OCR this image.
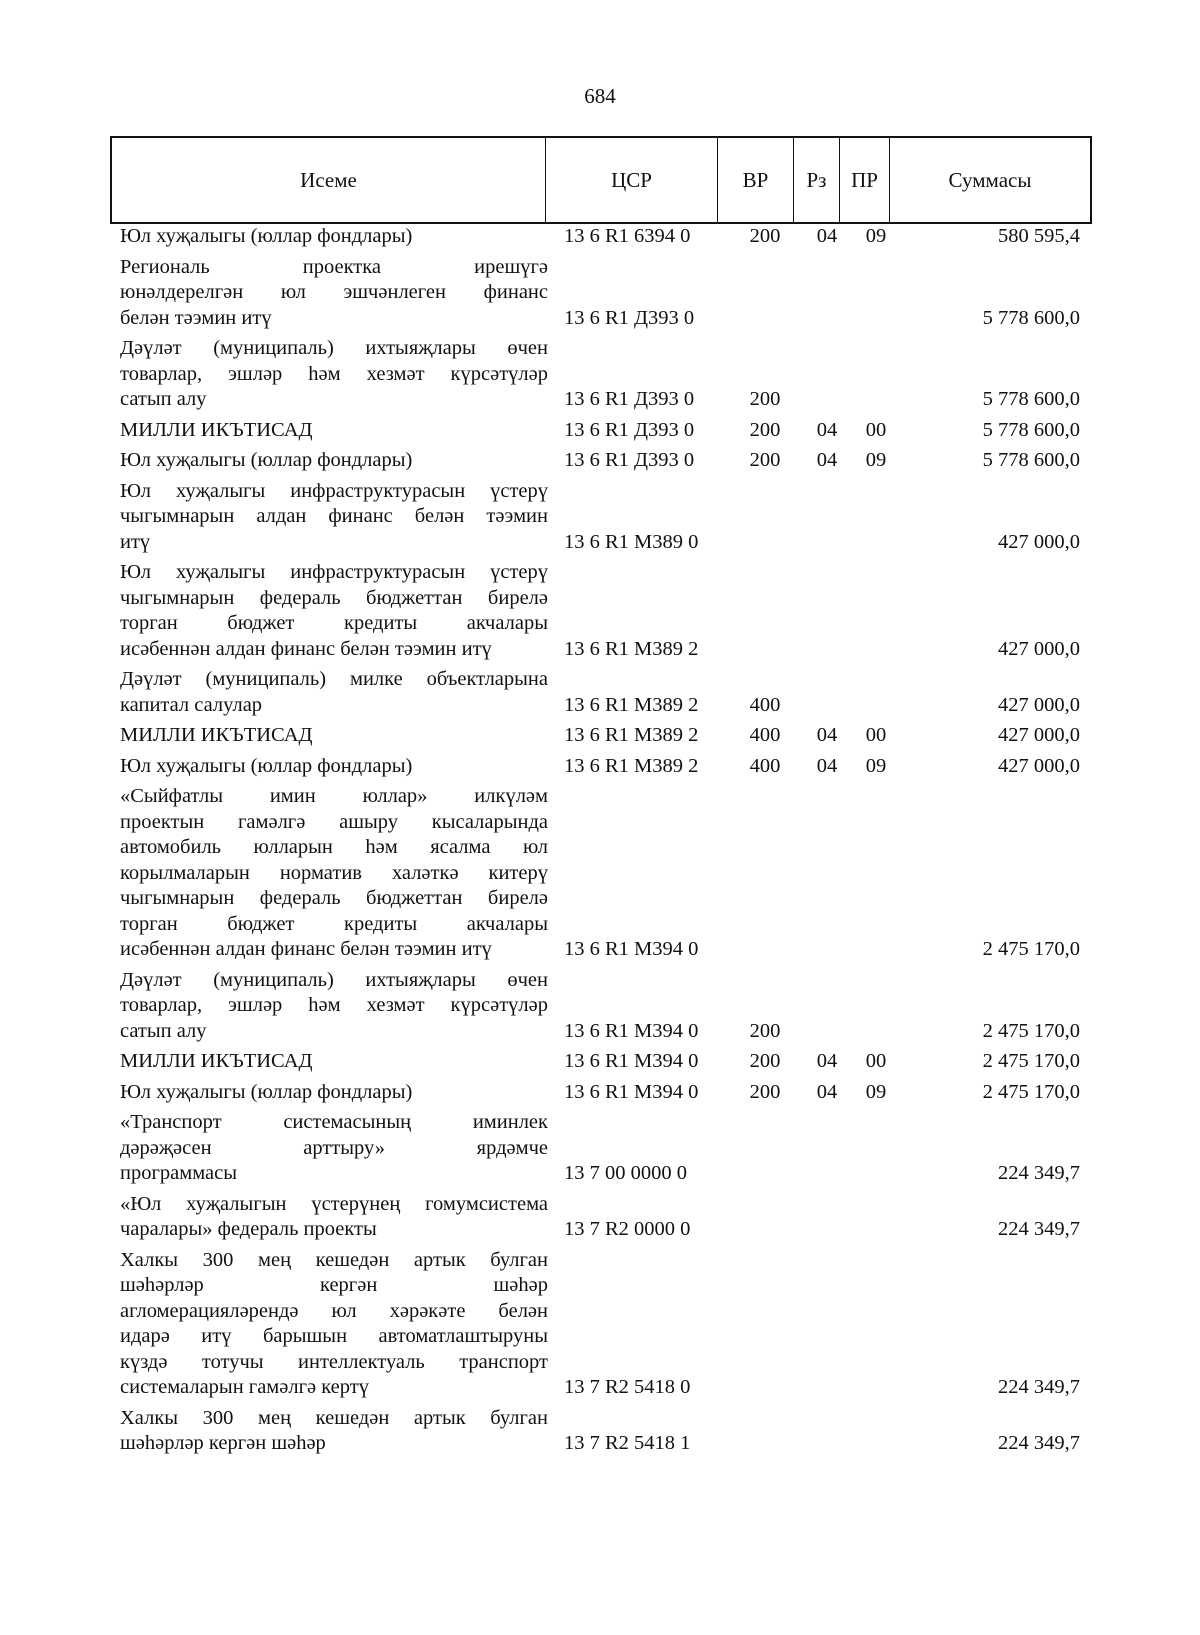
684
Исеме	ЦСР	ВР	Рз	ПР	Суммасы
Юл хуҗалыгы (юллар фондлары)	13 6 R1 6394 0	200	04	09	580 595,4
Региональ проектка ирешүгә
юнәлдерелгән юл эшчәнлеген финанс
белән тәэмин итү	13 6 R1 Д393 0	5 778 600,0
Дәүләт (муниципаль) ихтыяҗлары өчен
товарлар, эшләр һәм хезмәт күрсәтүләр
сатып алу	13 6 R1 Д393 0	200	5 778 600,0
МИЛЛИ ИКЪТИСАД	13 6 R1 Д393 0	200	04	00	5 778 600,0
Юл хуҗалыгы (юллар фондлары)	13 6 R1 Д393 0	200	04	09	5 778 600,0
Юл хуҗалыгы инфраструктурасын үстерү
чыгымнарын алдан финанс белән тәэмин
итү	13 6 R1 М389 0	427 000,0
Юл хуҗалыгы инфраструктурасын үстерү
чыгымнарын федераль бюджеттан бирелә
торган бюджет кредиты акчалары
исәбеннән алдан финанс белән тәэмин итү	13 6 R1 М389 2	427 000,0
Дәүләт (муниципаль) милке объектларына
капитал салулар	13 6 R1 М389 2	400	427 000,0
МИЛЛИ ИКЪТИСАД	13 6 R1 М389 2	400	04	00	427 000,0
Юл хуҗалыгы (юллар фондлары)	13 6 R1 М389 2	400	04	09	427 000,0
«Сыйфатлы имин юллар» илкүләм
проектын гамәлгә ашыру кысаларында
автомобиль юлларын һәм ясалма юл
корылмаларын норматив халәткә китерү
чыгымнарын федераль бюджеттан бирелә
торган бюджет кредиты акчалары
исәбеннән алдан финанс белән тәэмин итү	13 6 R1 М394 0	2 475 170,0
Дәүләт (муниципаль) ихтыяҗлары өчен
товарлар, эшләр һәм хезмәт күрсәтүләр
сатып алу	13 6 R1 М394 0	200	2 475 170,0
МИЛЛИ ИКЪТИСАД	13 6 R1 М394 0	200	04	00	2 475 170,0
Юл хуҗалыгы (юллар фондлары)	13 6 R1 М394 0	200	04	09	2 475 170,0
«Транспорт системасының иминлек
дәрәҗәсен арттыру» ярдәмче
программасы	13 7 00 0000 0	224 349,7
«Юл хуҗалыгын үстерүнең гомумсистема
чаралары» федераль проекты	13 7 R2 0000 0	224 349,7
Халкы 300 мең кешедән артык булган
шәһәрләр кергән шәһәр
агломерацияләрендә юл хәрәкәте белән
идарә итү барышын автоматлаштыруны
күздә тотучы интеллектуаль транспорт
системаларын гамәлгә кертү	13 7 R2 5418 0	224 349,7
Халкы 300 мең кешедән артык булган
шәһәрләр кергән шәһәр	13 7 R2 5418 1	224 349,7
